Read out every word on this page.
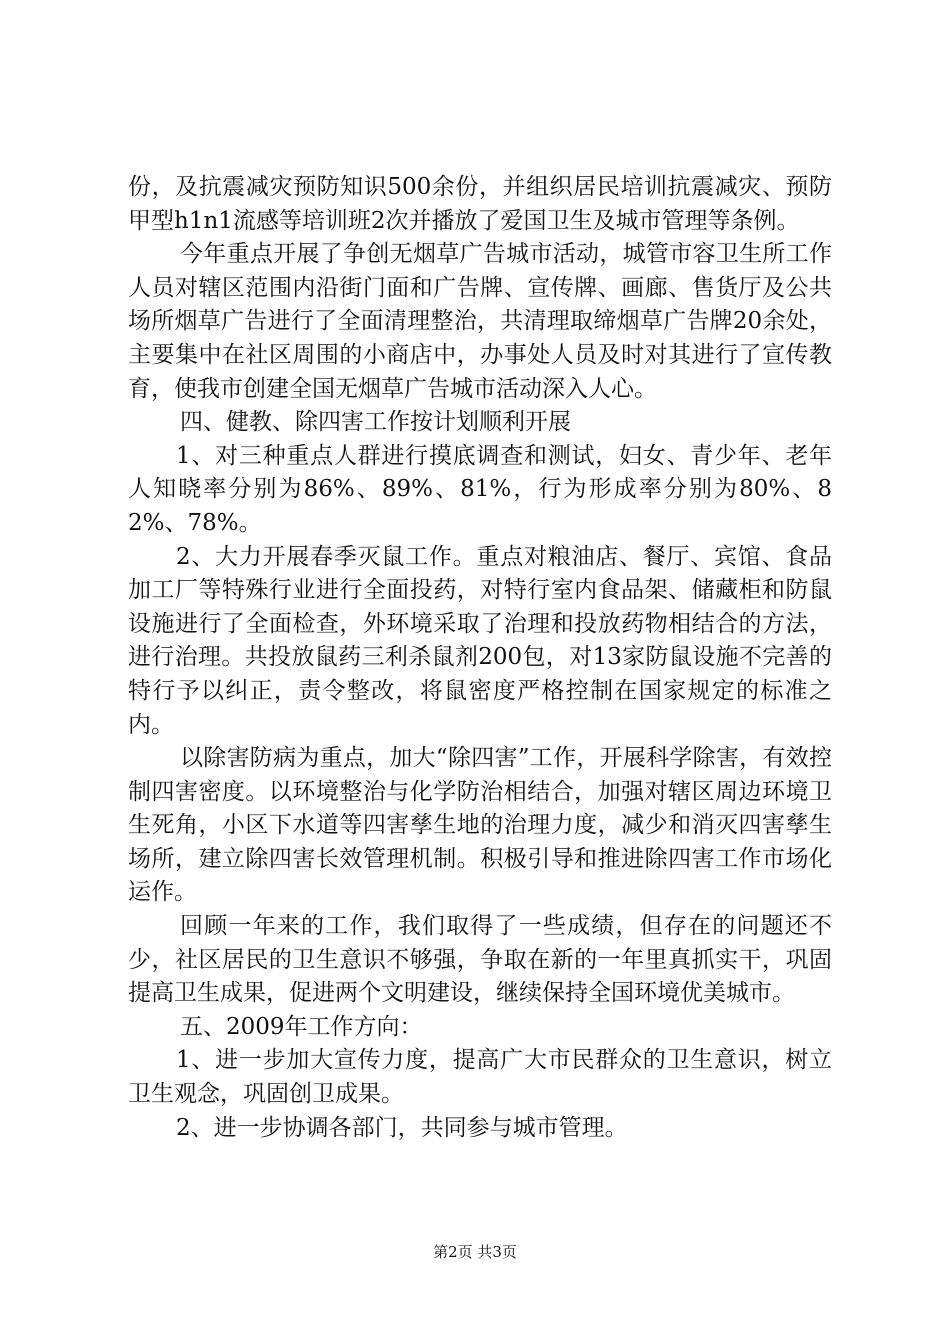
份，及抗震减灾预防知识500余份，并组织居民培训抗震减灾、预防甲型h1n1流感等培训班2次并播放了爱国卫生及城市管理等条例。

今年重点开展了争创无烟草广告城市活动，城管市容卫生所工作人员对辖区范围内沿街门面和广告牌、宣传牌、画廊、售货厅及公共场所烟草广告进行了全面清理整治，共清理取缔烟草广告牌20余处，主要集中在社区周围的小商店中，办事处人员及时对其进行了宣传教育，使我市创建全国无烟草广告城市活动深入人心。

四、健教、除四害工作按计划顺利开展

1、对三种重点人群进行摸底调查和测试，妇女、青少年、老年人知晓率分别为86%、89%、81%，行为形成率分别为80%、82%、78%。

2、大力开展春季灭鼠工作。重点对粮油店、餐厅、宾馆、食品加工厂等特殊行业进行全面投药，对特行室内食品架、储藏柜和防鼠设施进行了全面检查，外环境采取了治理和投放药物相结合的方法，进行治理。共投放鼠药三利杀鼠剂200包，对13家防鼠设施不完善的特行予以纠正，责令整改，将鼠密度严格控制在国家规定的标准之内。

以除害防病为重点，加大“除四害”工作，开展科学除害，有效控制四害密度。以环境整治与化学防治相结合，加强对辖区周边环境卫生死角，小区下水道等四害孳生地的治理力度，减少和消灭四害孳生场所，建立除四害长效管理机制。积极引导和推进除四害工作市场化运作。

回顾一年来的工作，我们取得了一些成绩，但存在的问题还不少，社区居民的卫生意识不够强，争取在新的一年里真抓实干，巩固提高卫生成果，促进两个文明建设，继续保持全国环境优美城市。

五、2009年工作方向：

1、进一步加大宣传力度，提高广大市民群众的卫生意识，树立卫生观念，巩固创卫成果。

2、进一步协调各部门，共同参与城市管理。

第2页 共3页
